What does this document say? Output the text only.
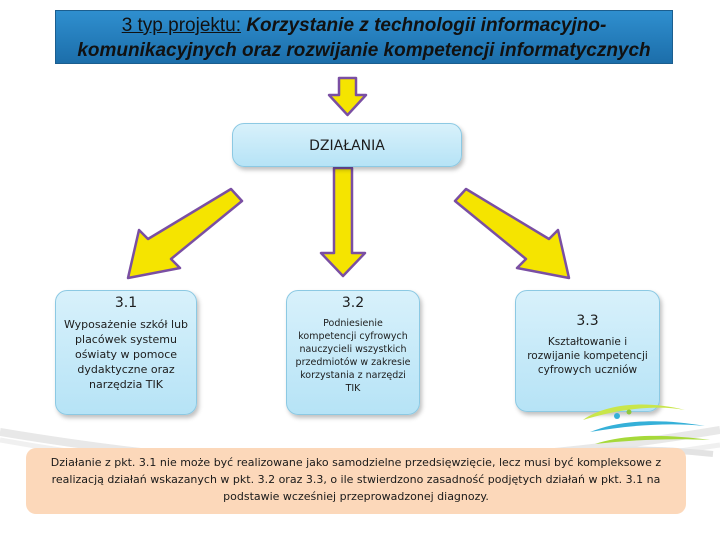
3 typ projektu: Korzystanie z technologii informacyjno-
komunikacyjnych oraz rozwijanie kompetencji informatycznych
DZIAŁANIA
3.1
Wyposażenie szkół lub placówek systemu oświaty w pomoce dydaktyczne oraz narzędzia TIK
3.2
Podniesienie kompetencji cyfrowych nauczycieli wszystkich przedmiotów w zakresie korzystania z narzędzi TIK
3.3
Kształtowanie i rozwijanie kompetencji cyfrowych uczniów
Działanie z pkt. 3.1 nie może być realizowane jako samodzielne przedsięwzięcie, lecz musi być kompleksowe z realizacją działań wskazanych w pkt. 3.2 oraz 3.3, o ile stwierdzono zasadność podjętych działań w pkt. 3.1 na podstawie wcześniej przeprowadzonej diagnozy.
